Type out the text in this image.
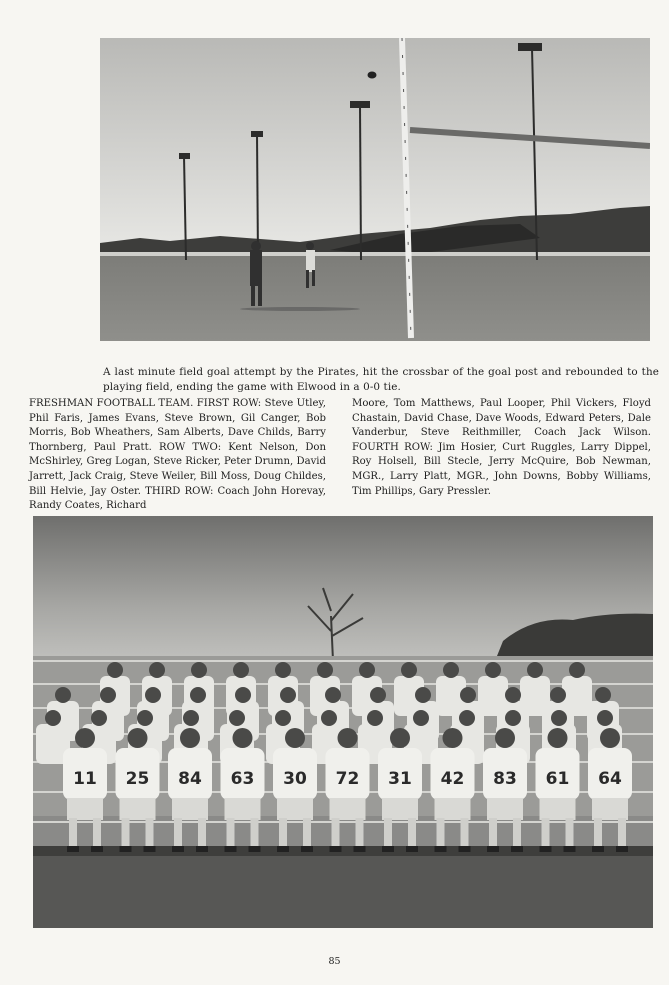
A last minute field goal attempt by the Pirates, hit the crossbar of the goal post and rebounded to the playing field, ending the game with Elwood in a 0-0 tie.

FRESHMAN FOOTBALL TEAM. FIRST ROW: Steve Utley, Phil Faris, James Evans, Steve Brown, Gil Canger, Bob Morris, Bob Wheathers, Sam Alberts, Dave Childs, Barry Thornberg, Paul Pratt. ROW TWO: Kent Nelson, Don McShirley, Greg Logan, Steve Ricker, Peter Drumn, David Jarrett, Jack Craig, Steve Weiler, Bill Moss, Doug Childes, Bill Helvie, Jay Oster. THIRD ROW: Coach John Horevay, Randy Coates, Richard
Moore, Tom Matthews, Paul Looper, Phil Vickers, Floyd Chastain, David Chase, Dave Woods, Edward Peters, Dale Vanderbur, Steve Reithmiller, Coach Jack Wilson. FOURTH ROW: Jim Hosier, Curt Ruggles, Larry Dippel, Roy Holsell, Bill Stecle, Jerry McQuire, Bob Newman, MGR., Larry Platt, MGR., John Downs, Bobby Williams, Tim Phillips, Gary Pressler.
11 25 84 63 30 72 31 42 83 61 64
85
